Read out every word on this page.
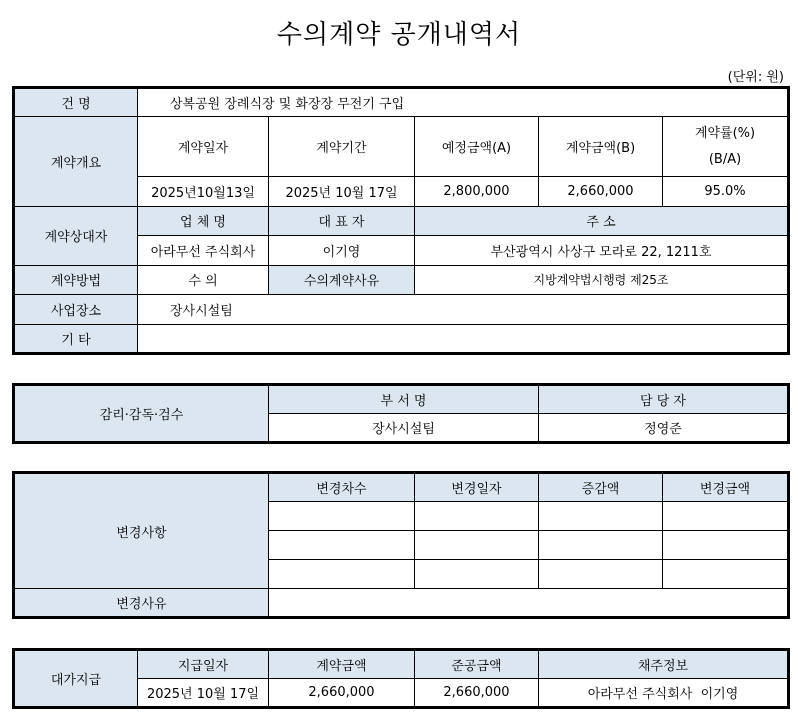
수의계약 공개내역서
(단위: 원)
건 명	상복공원 장례식장 및 화장장 무전기 구입				
계약개요	계약일자	계약기간	예정금액(A)	계약금액(B)	계약률(%)
(B/A)

	2025년10월13일	2025년 10월 17일	2,800,000	2,660,000	95.0%
계약상대자	업 체 명	대 표 자	주 소		
	아라무선 주식회사	이기영	부산광역시 사상구 모라로 22, 1211호		
계약방법	수 의	수의계약사유	지방계약법시행령 제25조		
사업장소	장사시설팀				
기 타					
감리·감독·검수	부 서 명	담 당 자
	장사시설팀	정영준
변경사항	변경차수	변경일자	증감액	변경금액

변경사유				
대가지급	지급일자	계약금액	준공금액	채주정보
	2025년 10월 17일	2,660,000	2,660,000	아라무선 주식회사  이기영
